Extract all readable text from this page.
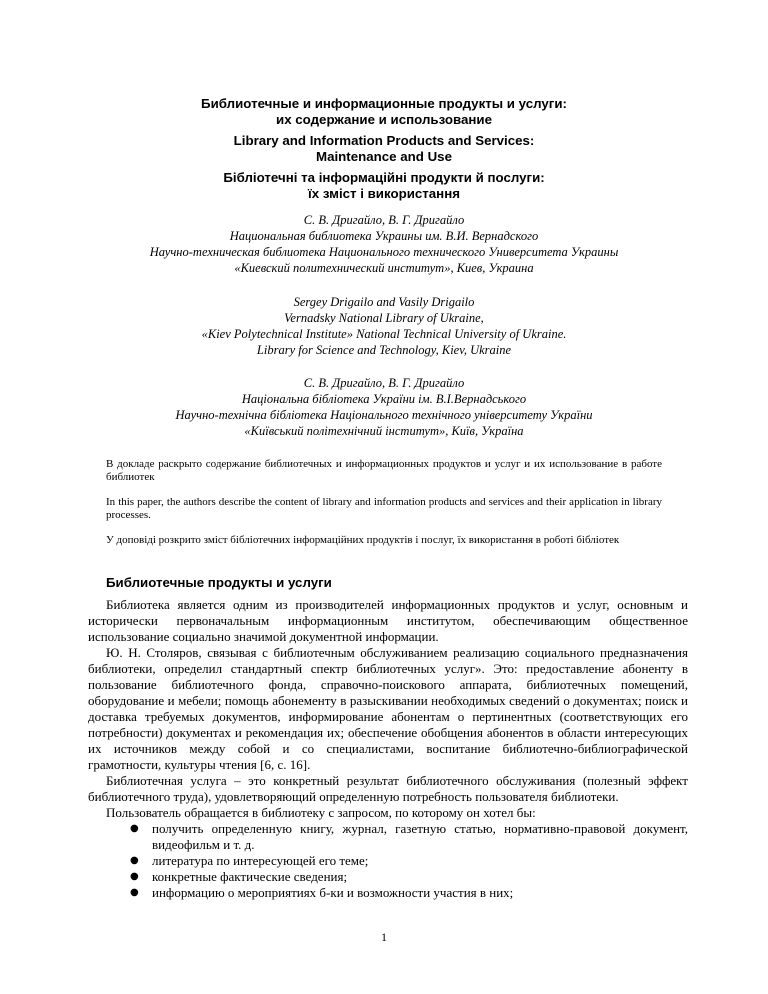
Библиотечные и информационные продукты и услуги:
их содержание и использование
Library and Information Products and Services:
Maintenance and Use
Бібліотечні та інформаційні продукти й послуги:
їх зміст і використання
С. В. Дригайло, В. Г. Дригайло
Национальная библиотека Украины им. В.И. Вернадского
Научно-техническая библиотека Национального технического Университета Украины
«Киевский политехнический институт», Киев, Украина
Sergey Drigailo and Vasily Drigailo
Vernadsky National Library of Ukraine,
«Kiev Polytechnical Institute» National Technical University of Ukraine.
Library for Science and Technology, Kiev, Ukraine
С. В. Дригайло, В. Г. Дригайло
Національна бібліотека України ім. В.І.Вернадського
Научно-технічна бібліотека Національного технічного університету України
«Київський політехнічний інститут», Київ, Україна

В докладе раскрыто содержание библиотечных и информационных продуктов и услуг и их использование в работе библиотек

In this paper, the authors describe the content of library and information products and services and their application in library processes.

У доповіді розкрито зміст бібліотечних інформаційних продуктів і послуг, їх використання в роботі бібліотек

Библиотечные продукты и услуги

Библиотека является одним из производителей информационных продуктов и услуг, основным и исторически первоначальным информационным институтом, обеспечивающим общественное использование социально значимой документной информации.

Ю. Н. Столяров, связывая с библиотечным обслуживанием реализацию социального предназначения библиотеки, определил стандартный спектр библиотечных услуг». Это: предоставление абоненту в пользование библиотечного фонда, справочно-поискового аппарата, библиотечных помещений, оборудование и мебели; помощь абонементу в разыскивании необходимых сведений о документах; поиск и доставка требуемых документов, информирование абонентам о пертинентных (соответствующих его потребности) документах и рекомендация их; обеспечение обобщения абонентов в области интересующих их источников между собой и со специалистами, воспитание библиотечно-библиографической грамотности, культуры чтения [6, с. 16].

Библиотечная услуга – это конкретный результат библиотечного обслуживания (полезный эффект библиотечного труда), удовлетворяющий определенную потребность пользователя библиотеки.

Пользователь обращается в библиотеку с запросом, по которому он хотел бы:

● получить определенную книгу, журнал, газетную статью, нормативно-правовой документ, видеофильм и т. д.
● литература по интересующей его теме;
● конкретные фактические сведения;
● информацию о мероприятиях б-ки и возможности участия в них;
1
